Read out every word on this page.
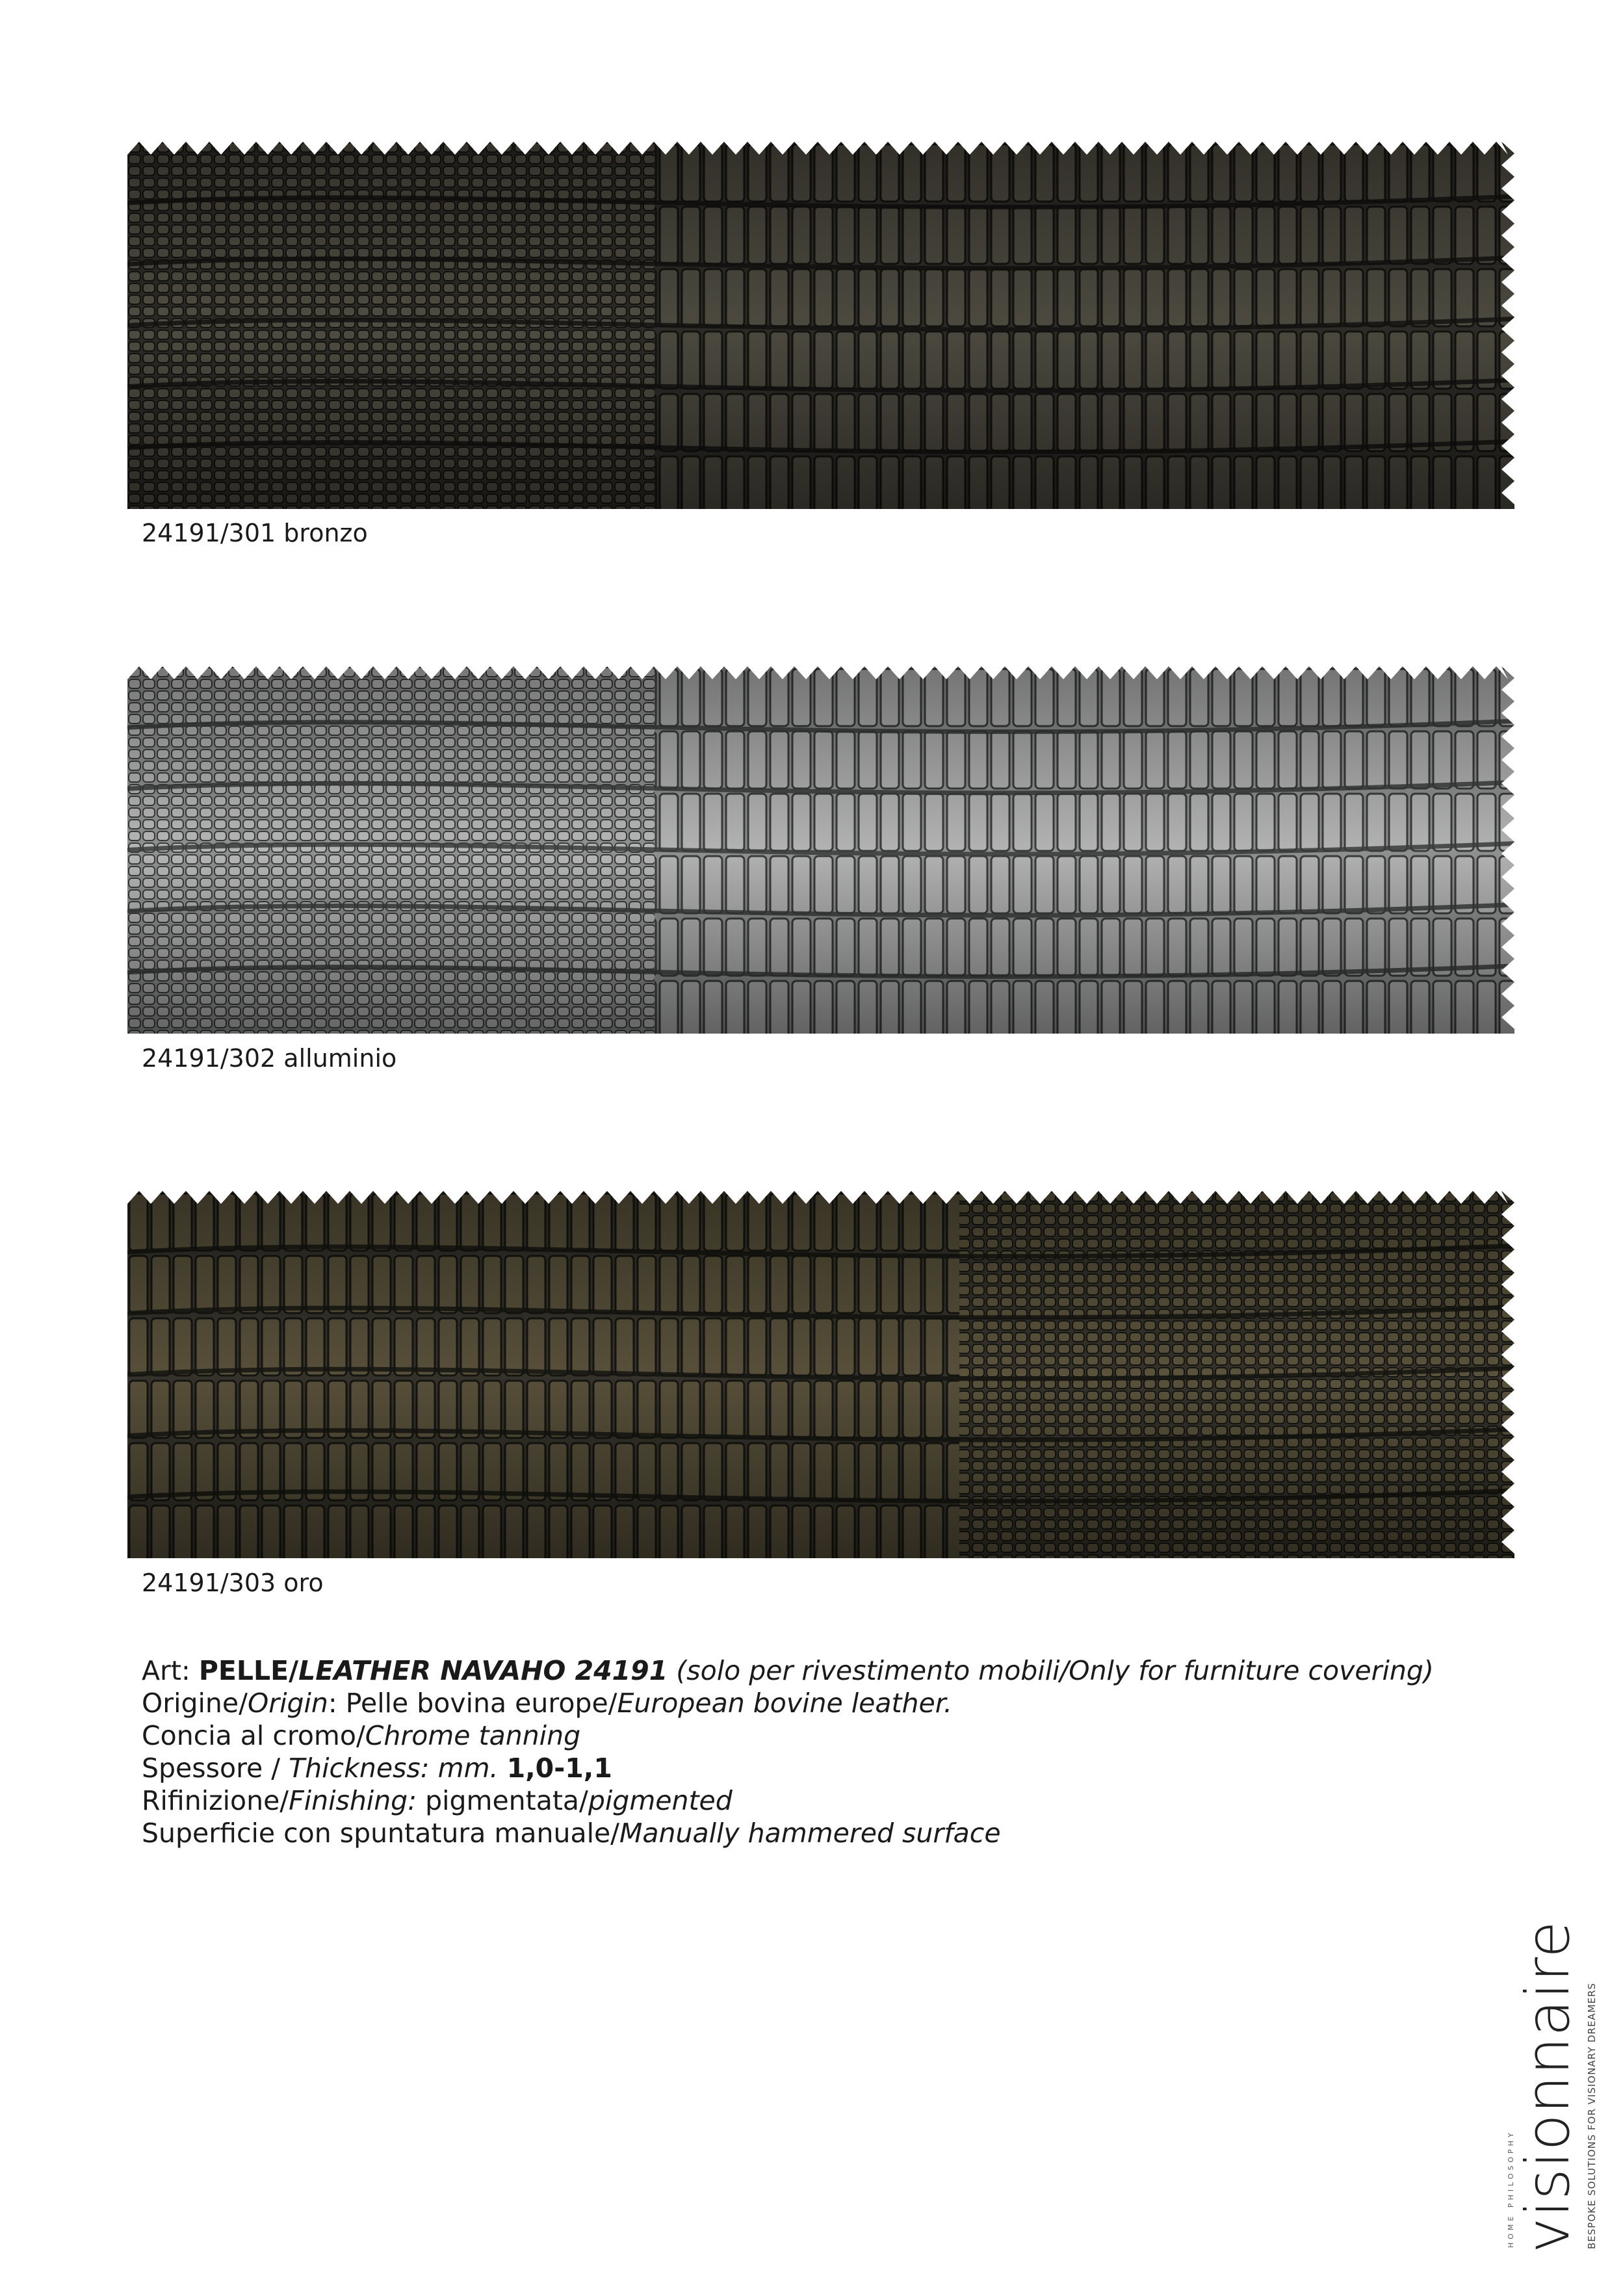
24191/301 bronzo
24191/302 alluminio
24191/303 oro
Art: PELLE/LEATHER NAVAHO 24191 (solo per rivestimento mobili/Only for furniture covering)
Origine/Origin: Pelle bovina europe/European bovine leather.
Concia al cromo/Chrome tanning
Spessore / Thickness: mm. 1,0-1,1
Rifinizione/Finishing: pigmentata/pigmented
Superficie con spuntatura manuale/Manually hammered surface
HOME PHILOSOPHY
visionnaire BESPOKE SOLUTIONS FOR VISIONARY DREAMERS
